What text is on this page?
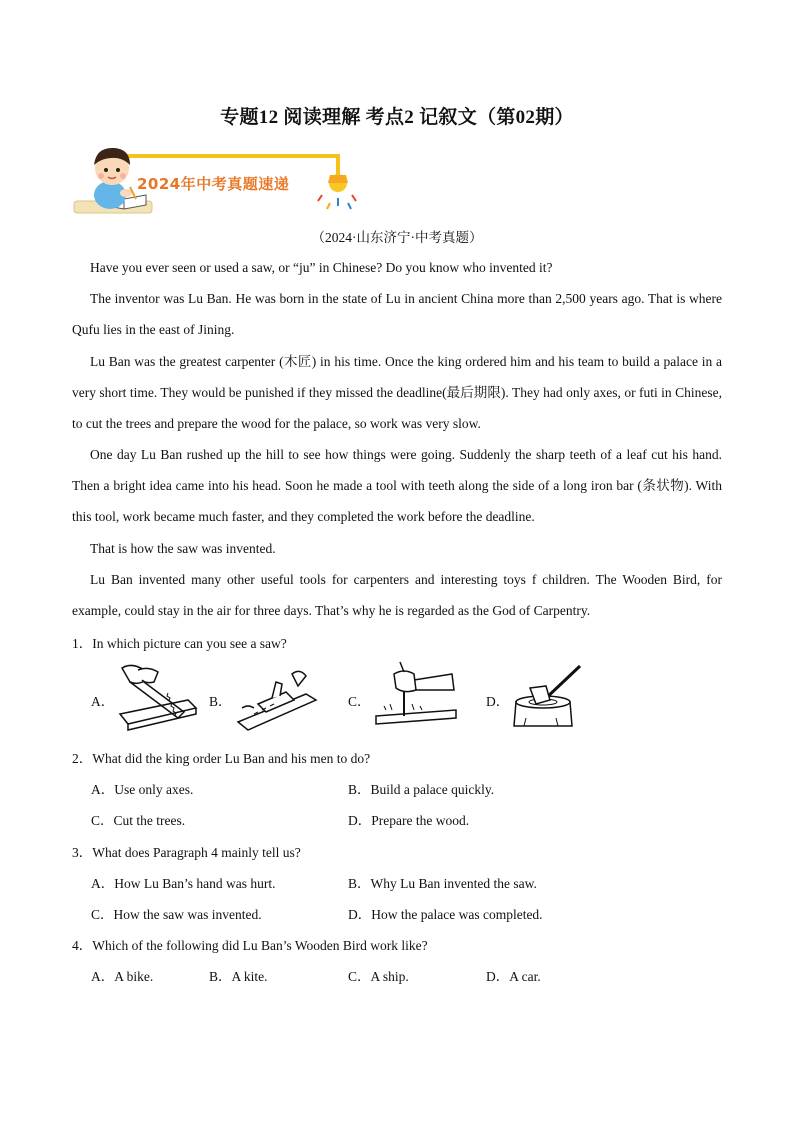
专题12 阅读理解 考点2 记叙文（第02期）
2024年中考真题速递
（2024·山东济宁·中考真题）
Have you ever seen or used a saw, or “ju” in Chinese? Do you know who invented it?
The inventor was Lu Ban. He was born in the state of Lu in ancient China more than 2,500 years ago. That is where Qufu lies in the east of Jining.
Lu Ban was the greatest carpenter (木匠) in his time. Once the king ordered him and his team to build a palace in a very short time. They would be punished if they missed the deadline(最后期限). They had only axes, or futi in Chinese, to cut the trees and prepare the wood for the palace, so work was very slow.
One day Lu Ban rushed up the hill to see how things were going. Suddenly the sharp teeth of a leaf cut his hand. Then a bright idea came into his head. Soon he made a tool with teeth along the side of a long iron bar (条状物). With this tool, work became much faster, and they completed the work before the deadline.
That is how the saw was invented.
Lu Ban invented many other useful tools for carpenters and interesting toys f children. The Wooden Bird, for example, could stay in the air for three days. That’s why he is regarded as the God of Carpentry.
1．In which picture can you see a saw?
A．	B．	C．	D．
2．What did the king order Lu Ban and his men to do?
A．Use only axes.	B．Build a palace quickly.
C．Cut the trees.	D．Prepare the wood.
3．What does Paragraph 4 mainly tell us?
A．How Lu Ban’s hand was hurt.	B．Why Lu Ban invented the saw.
C．How the saw was invented.	D．How the palace was completed.
4．Which of the following did Lu Ban’s Wooden Bird work like?
A．A bike.	B．A kite.	C．A ship.	D．A car.
